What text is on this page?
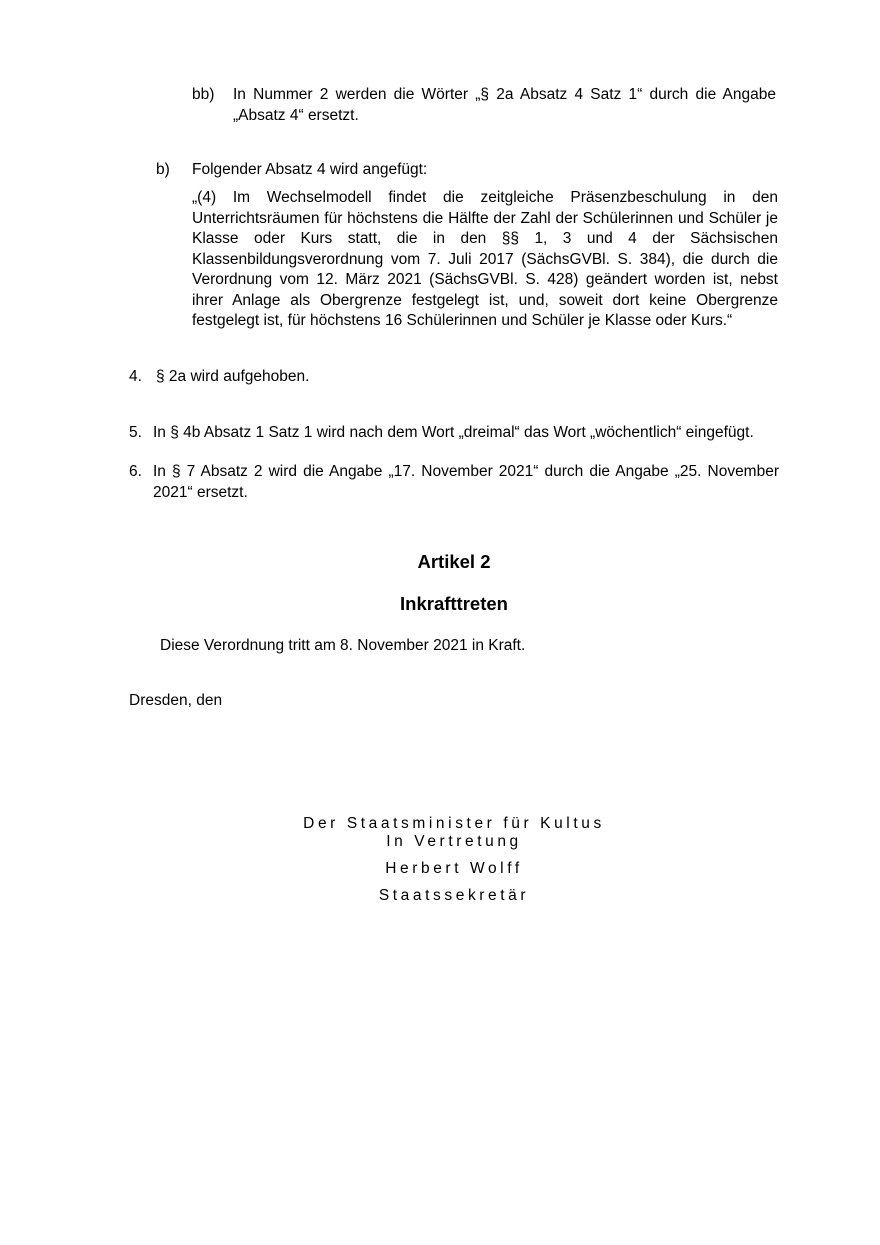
bb) In Nummer 2 werden die Wörter „§ 2a Absatz 4 Satz 1“ durch die Angabe „Absatz 4“ ersetzt.
b) Folgender Absatz 4 wird angefügt:
„(4) Im Wechselmodell findet die zeitgleiche Präsenzbeschulung in den Unterrichtsräumen für höchstens die Hälfte der Zahl der Schülerinnen und Schüler je Klasse oder Kurs statt, die in den §§ 1, 3 und 4 der Sächsischen Klassenbildungsverordnung vom 7. Juli 2017 (SächsGVBl. S. 384), die durch die Verordnung vom 12. März 2021 (SächsGVBl. S. 428) geändert worden ist, nebst ihrer Anlage als Obergrenze festgelegt ist, und, soweit dort keine Obergrenze festgelegt ist, für höchstens 16 Schülerinnen und Schüler je Klasse oder Kurs.“
4. § 2a wird aufgehoben.
5. In § 4b Absatz 1 Satz 1 wird nach dem Wort „dreimal“ das Wort „wöchentlich“ eingefügt.
6. In § 7 Absatz 2 wird die Angabe „17. November 2021“ durch die Angabe „25. November 2021“ ersetzt.
Artikel 2
Inkrafttreten
Diese Verordnung tritt am 8. November 2021 in Kraft.
Dresden, den
Der Staatsminister für Kultus
In Vertretung
Herbert Wolff
Staatssekretär
